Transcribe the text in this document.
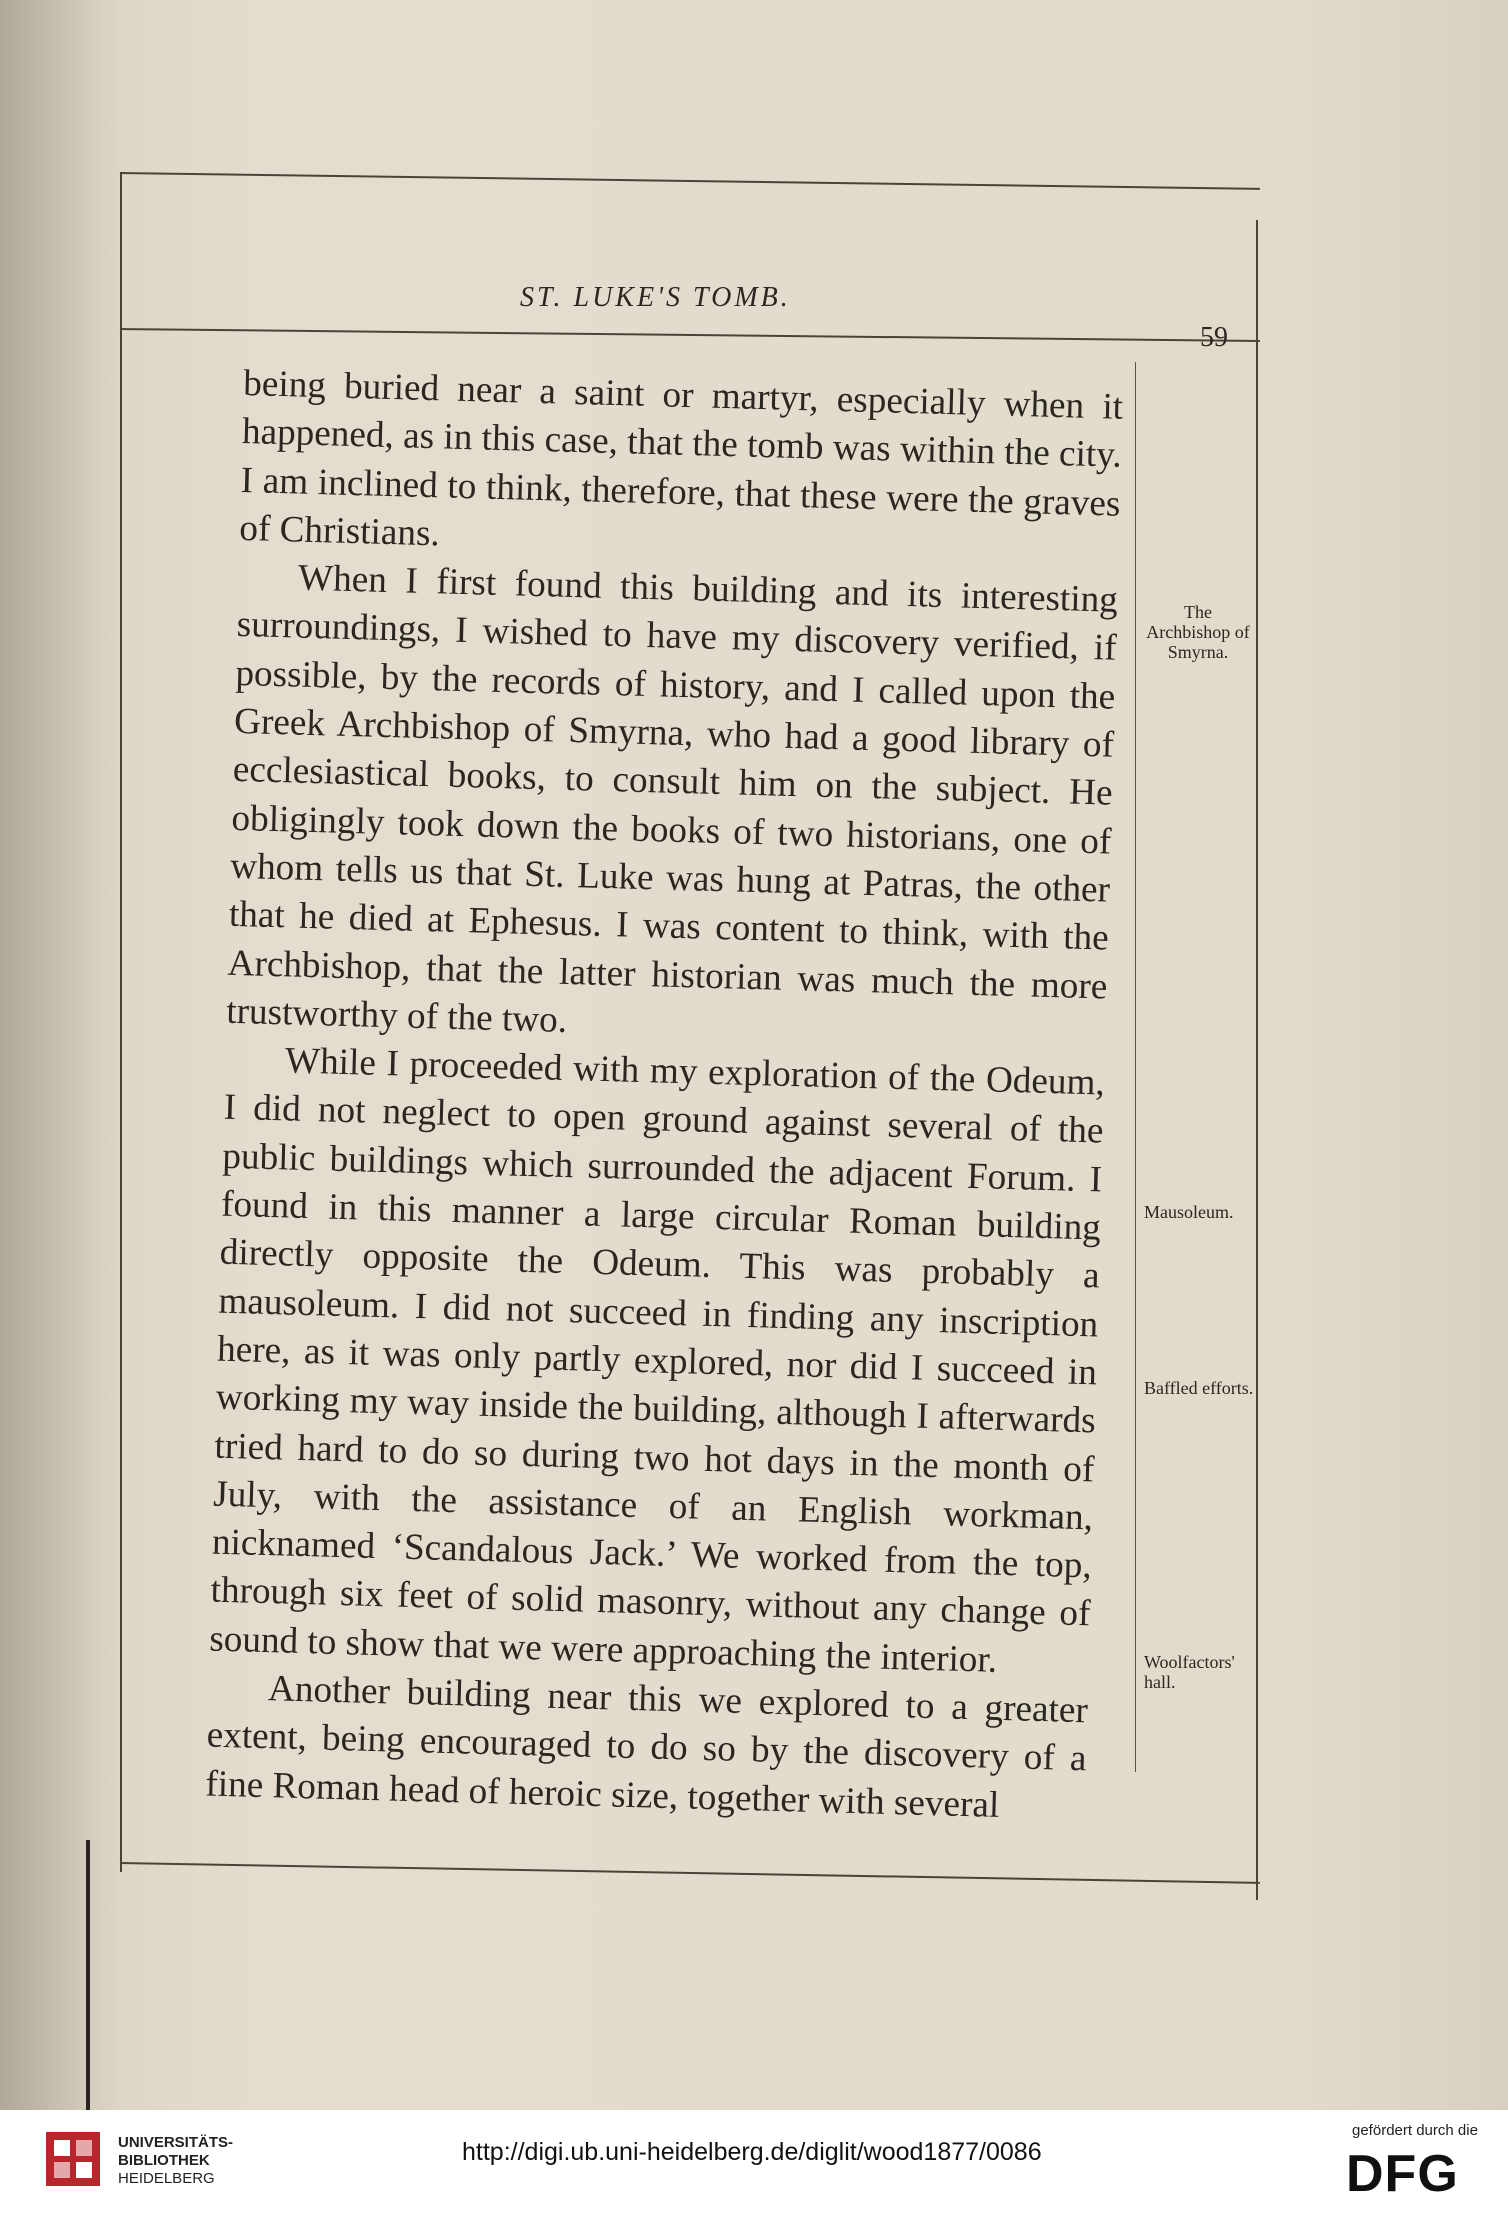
ST. LUKE'S TOMB.
59

being buried near a saint or martyr, especially when it happened, as in this case, that the tomb was within the city. I am inclined to think, therefore, that these were the graves of Christians.

When I first found this building and its interesting surroundings, I wished to have my discovery verified, if possible, by the records of history, and I called upon the Greek Archbishop of Smyrna, who had a good library of ecclesiastical books, to consult him on the subject. He obligingly took down the books of two historians, one of whom tells us that St. Luke was hung at Patras, the other that he died at Ephesus. I was content to think, with the Archbishop, that the latter historian was much the more trustworthy of the two.

While I proceeded with my exploration of the Odeum, I did not neglect to open ground against several of the public buildings which surrounded the adjacent Forum. I found in this manner a large circular Roman building directly opposite the Odeum. This was probably a mausoleum. I did not succeed in finding any inscription here, as it was only partly explored, nor did I succeed in working my way inside the building, although I afterwards tried hard to do so during two hot days in the month of July, with the assistance of an English workman, nicknamed ‘Scandalous Jack.’ We worked from the top, through six feet of solid masonry, without any change of sound to show that we were approaching the interior.

Another building near this we explored to a greater extent, being encouraged to do so by the discovery of a fine Roman head of heroic size, together with several

The Archbishop of Smyrna.
Mausoleum.
Baffled efforts.
Woolfactors' hall.
UNIVERSITÄTS-
BIBLIOTHEK
HEIDELBERG
http://digi.ub.uni-heidelberg.de/diglit/wood1877/0086
gefördert durch die
DFG
